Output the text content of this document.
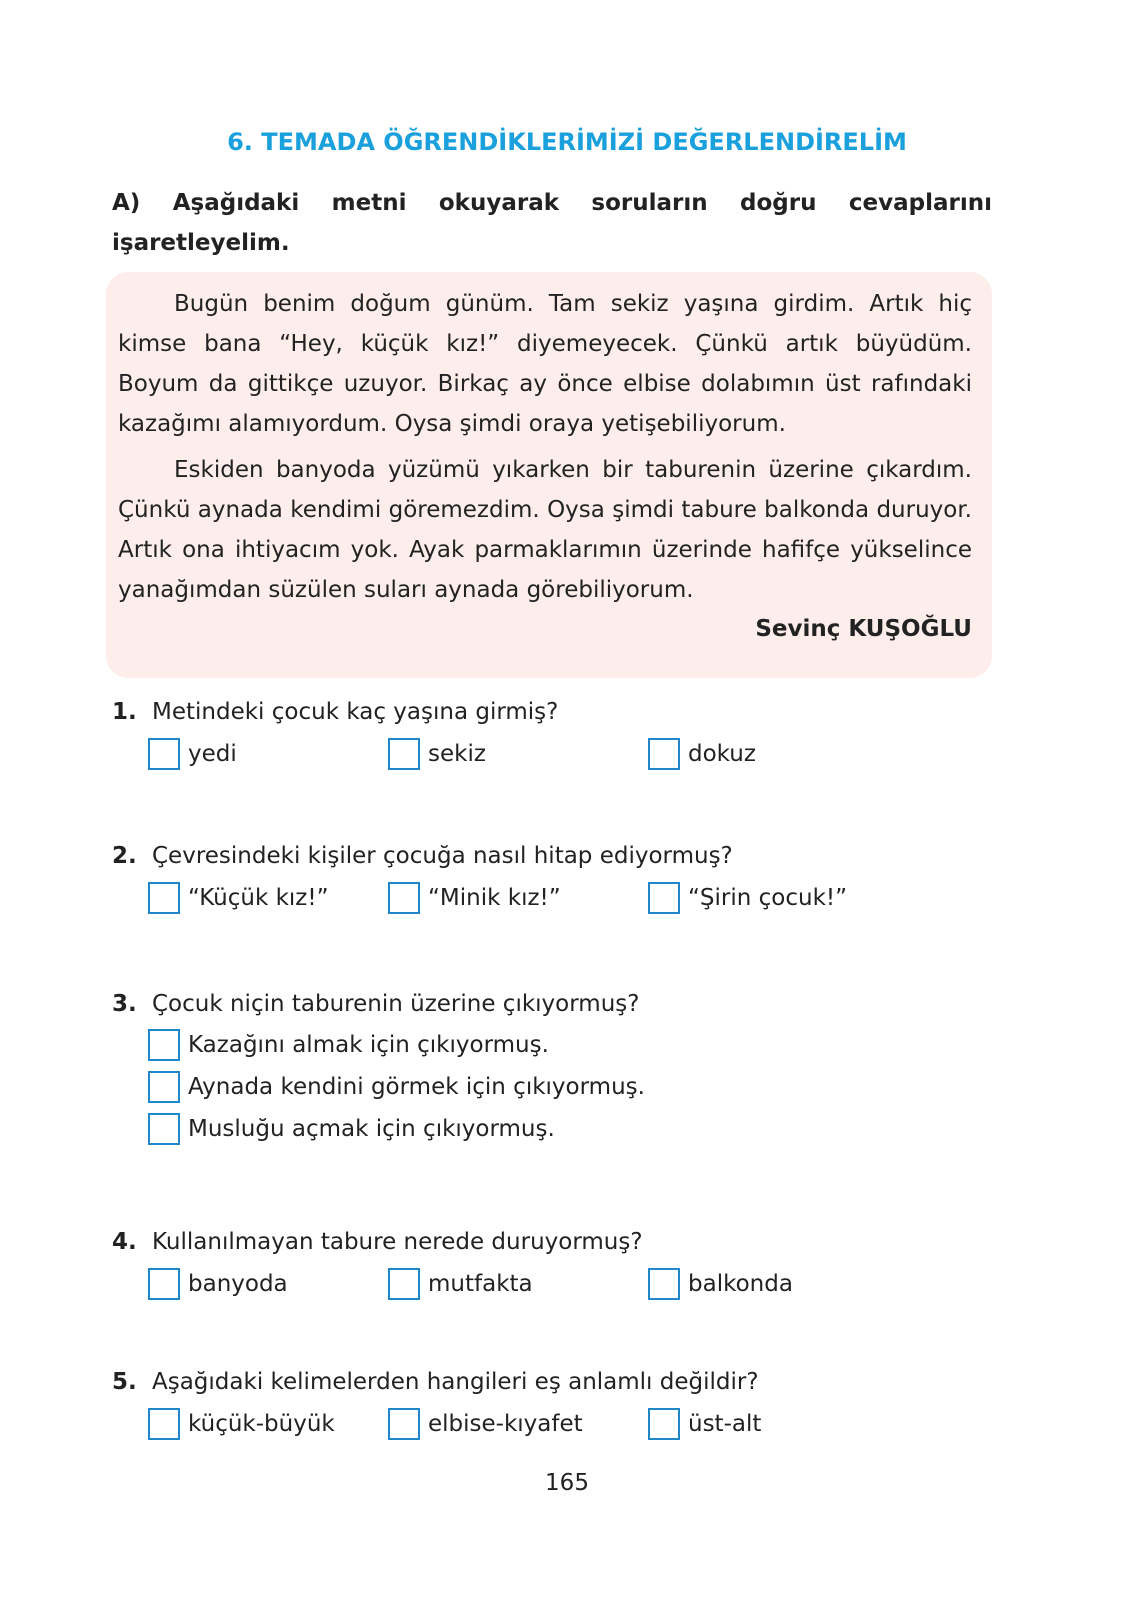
6. TEMADA ÖĞRENDİKLERİMİZİ DEĞERLENDİRELİM
A) Aşağıdaki metni okuyarak soruların doğru cevaplarını işaretleyelim.

Bugün benim doğum günüm. Tam sekiz yaşına girdim. Artık hiç kimse bana “Hey, küçük kız!” diyemeyecek. Çünkü artık büyüdüm. Boyum da gittikçe uzuyor. Birkaç ay önce elbise dolabımın üst rafındaki kazağımı alamıyordum. Oysa şimdi oraya yetişebiliyorum.

Eskiden banyoda yüzümü yıkarken bir taburenin üzerine çıkardım. Çünkü aynada kendimi göremezdim. Oysa şimdi tabure balkonda duruyor. Artık ona ihtiyacım yok. Ayak parmaklarımın üzerinde hafifçe yükselince yanağımdan süzülen suları aynada görebiliyorum.

Sevinç KUŞOĞLU
1. Metindeki çocuk kaç yaşına girmiş?
yedi	sekiz	dokuz
2. Çevresindeki kişiler çocuğa nasıl hitap ediyormuş?
“Küçük kız!”	“Minik kız!”	“Şirin çocuk!”
3. Çocuk niçin taburenin üzerine çıkıyormuş?
Kazağını almak için çıkıyormuş.
Aynada kendini görmek için çıkıyormuş.
Musluğu açmak için çıkıyormuş.
4. Kullanılmayan tabure nerede duruyormuş?
banyoda	mutfakta	balkonda
5. Aşağıdaki kelimelerden hangileri eş anlamlı değildir?
küçük-büyük	elbise-kıyafet	üst-alt
165
